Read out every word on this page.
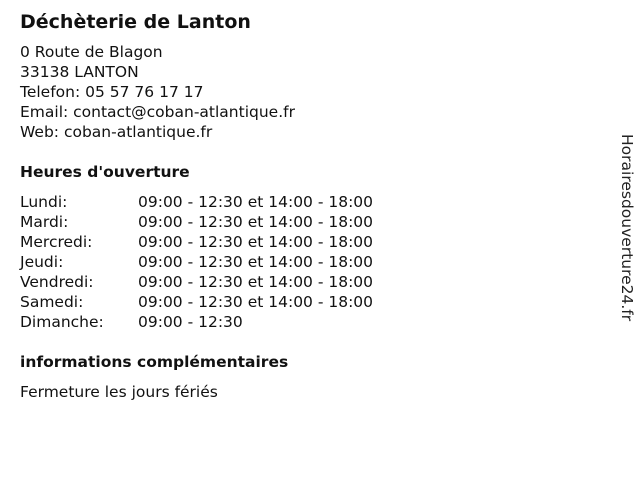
Déchèterie de Lanton
0 Route de Blagon
33138 LANTON
Telefon: 05 57 76 17 17
Email: contact@coban-atlantique.fr
Web: coban-atlantique.fr
Heures d'ouverture
Lundi:	09:00 - 12:30 et 14:00 - 18:00
Mardi:	09:00 - 12:30 et 14:00 - 18:00
Mercredi:	09:00 - 12:30 et 14:00 - 18:00
Jeudi:	09:00 - 12:30 et 14:00 - 18:00
Vendredi:	09:00 - 12:30 et 14:00 - 18:00
Samedi:	09:00 - 12:30 et 14:00 - 18:00
Dimanche:	09:00 - 12:30
informations complémentaires
Fermeture les jours fériés
Horairesdouverture24.fr
